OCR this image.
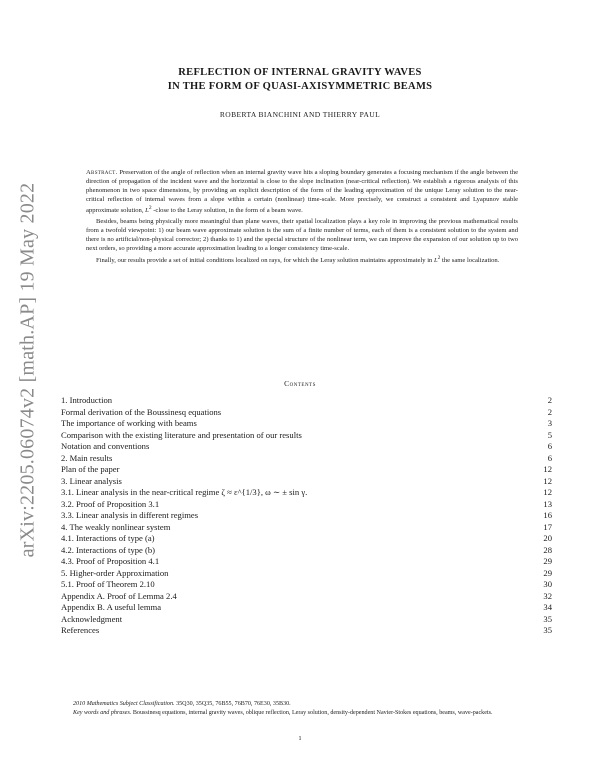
arXiv:2205.06074v2 [math.AP] 19 May 2022
REFLECTION OF INTERNAL GRAVITY WAVES
IN THE FORM OF QUASI-AXISYMMETRIC BEAMS
ROBERTA BIANCHINI AND THIERRY PAUL

Abstract. Preservation of the angle of reflection when an internal gravity wave hits a sloping boundary generates a focusing mechanism if the angle between the direction of propagation of the incident wave and the horizontal is close to the slope inclination (near-critical reflection). We establish a rigorous analysis of this phenomenon in two space dimensions, by providing an explicit description of the form of the leading approximation of the unique Leray solution to the near-critical reflection of internal waves from a slope within a certain (nonlinear) time-scale. More precisely, we construct a consistent and Lyapunov stable approximate solution, $L^2$ -close to the Leray solution, in the form of a beam wave.

Besides, beams being physically more meaningful than plane waves, their spatial localization plays a key role in improving the previous mathematical results from a twofold viewpoint: 1) our beam wave approximate solution is the sum of a finite number of terms, each of them is a consistent solution to the system and there is no artificial/non-physical corrector; 2) thanks to 1) and the special structure of the nonlinear term, we can improve the expansion of our solution up to two next orders, so providing a more accurate approximation leading to a longer consistency time-scale.

Finally, our results provide a set of initial conditions localized on rays, for which the Leray solution maintains approximately in $L^2$ the same localization.

Contents
1. Introduction	2
Formal derivation of the Boussinesq equations	2
The importance of working with beams	3
Comparison with the existing literature and presentation of our results	5
Notation and conventions	6
2. Main results	6
Plan of the paper	12
3. Linear analysis	12
3.1. Linear analysis in the near-critical regime ζ ≈ ε^{1/3}, ω ∼ ± sin γ.	12
3.2. Proof of Proposition 3.1	13
3.3. Linear analysis in different regimes	16
4. The weakly nonlinear system	17
4.1. Interactions of type (a)	20
4.2. Interactions of type (b)	28
4.3. Proof of Proposition 4.1	29
5. Higher-order Approximation	29
5.1. Proof of Theorem 2.10	30
Appendix A. Proof of Lemma 2.4	32
Appendix B. A useful lemma	34
Acknowledgment	35
References	35

2010 Mathematics Subject Classification. 35Q30, 35Q35, 76B55, 76B70, 76E30, 35B30.

Key words and phrases. Boussinesq equations, internal gravity waves, oblique reflection, Leray solution, density-dependent Navier-Stokes equations, beams, wave-packets.

1
